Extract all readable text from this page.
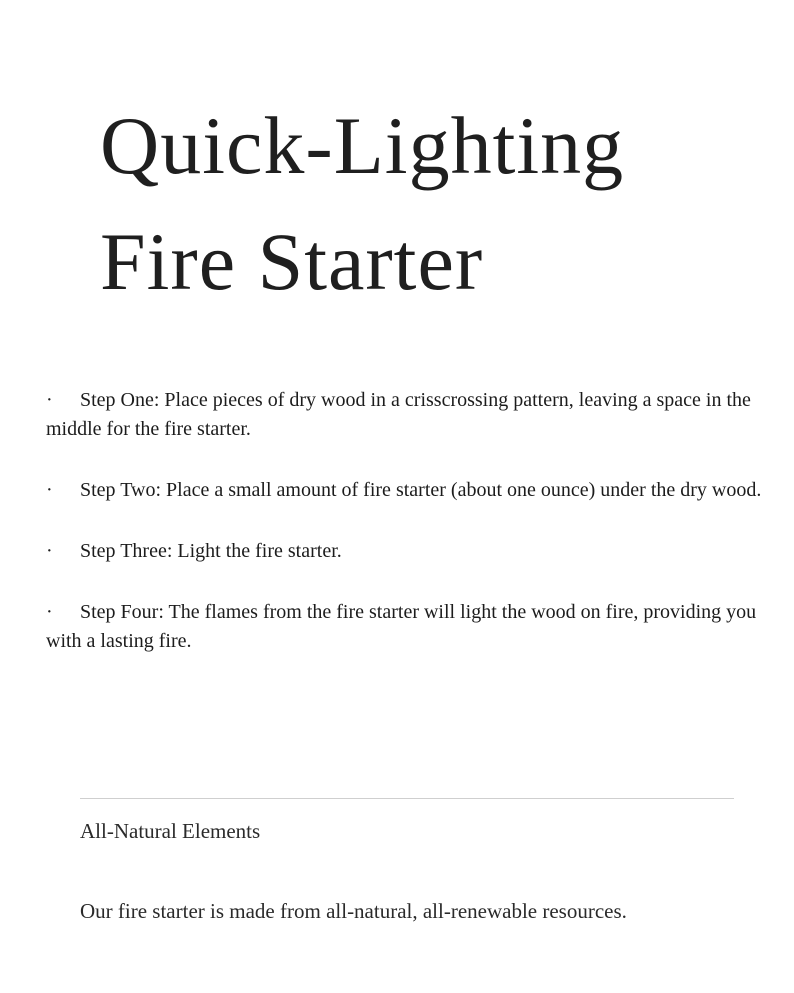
Quick-Lighting
Fire Starter
· Step One: Place pieces of dry wood in a crisscrossing pattern, leaving a space in the middle for the fire starter.
· Step Two: Place a small amount of fire starter (about one ounce) under the dry wood.
· Step Three: Light the fire starter.
· Step Four: The flames from the fire starter will light the wood on fire, providing you with a lasting fire.
All-Natural Elements

Our fire starter is made from all-natural, all-renewable resources.
